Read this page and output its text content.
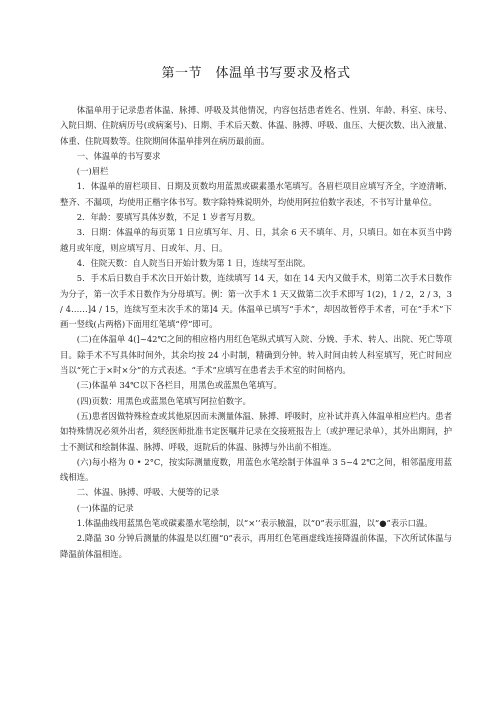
第一节　体温单书写要求及格式

体温单用于记录患者体温、脉搏、呼吸及其他情况，内容包括患者姓名、性别、年龄、科室、床号、入院日期、住院病历号(或病案号)、日期、手术后天数、体温、脉搏、呼吸、血压、大便次数、出入液量、体重、住院周数等。住院期间体温单排列在病历最前面。

一、体温单的书写要求

(一)眉栏

1．体温单的眉栏项目、日期及页数均用蓝黑或碳素墨水笔填写。各眉栏项目应填写齐全，字迹清晰、整齐、不漏项，均使用正楷字体书写。数字除特殊说明外，均使用阿拉伯数字表述，不书写计量单位。

2．年龄：要填写具体岁数，不足 1 岁者写月数。

3．日期：体温单的每页第 1 日应填写年、月、日，其余 6 天不填年、月，只填日。如在本页当中跨越月或年度，则应填写月、日或年、月、日。

4．住院天数：自人院当日开始计数为第 1 日，连续写至出院。

5．手术后日数自手术次日开始计数，连续填写 14 天，如在 14 天内又做手术，则第二次手术日数作为分子，第一次手术日数作为分母填写。例：第一次手术 1 天又做第二次手术即写 1(2)，1 / 2，2 / 3，3 / 4……]4 / 15，连续写至末次手术的第]4 天。体温单已填写“手术”，却因故暂停手术者，可在“手术”下画一竖线(占两格)下面用红笔填“停”即可。

(二)在体温单 4(]~42℃之间的相应格内用红色笔纵式填写入院、分娩、手术、转人、出院、死亡等项目。除手术不写具体时间外，其余均按 24 小时制，精确到分钟。转入时间由转人科室填写，死亡时间应当以“死亡于×时×分”的方式表述。“手术”应填写在患者去手术室的时间格内。

(三)体温单 34℃以下各栏目，用黑色或蓝黑色笔填写。

(四)页数：用黑色或蓝黑色笔填写阿拉伯数字。

(五)患者因做特殊检查或其他原因而未测量体温、脉搏、呼吸时，应补试并真入体温单相应栏内。患者如特殊情况必须外出者，须经医师批准书定医嘱并记录在交接班报告上（或护理记录单），其外出期间，护士不测试和绘制体温、脉搏、呼吸，返院后的体温、脉搏与外出前不相连。

(六)每小格为 0 • 2°C，按实际测量度数，用蓝色水笔绘制于体温单 3 5~4 2℃之间，相邻温度用蓝线相连。

二、体温、脉搏、呼吸、大便等的记录

(一)体温的记录

1.体温曲线用蓝黑色笔或碳素墨水笔绘制，以“×’’表示腋温，以“0”表示肛温，以“●”表示口温。

2.降温 30 分钟后测量的体温是以红圈“0”表示，再用红色笔画虚线连接降温前体温，下次所试体温与降温前体温相连。
